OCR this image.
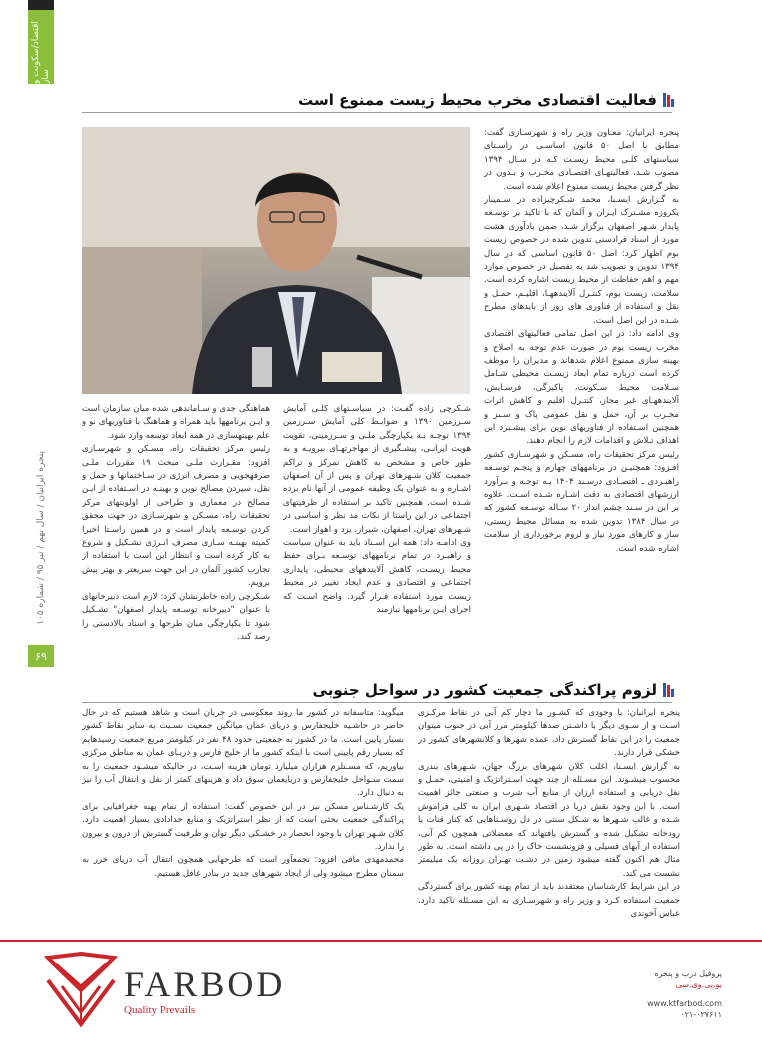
اقتصاد/سکونت و ساز
پنجره ایرانیان / سال نهم / تیر ۹۵ / شماره ۱۰۵
۶۹
فعالیت اقتصادی مخرب محیط زیست ممنوع است

پنجره ایرانیان: معـاون وزیر راه و شهرسـازی گفت: مطابق با اصل ۵۰ قانون اساسـی در راسـتای سیاستهای کلـی محیط زیسـت کـه در سـال ۱۳۹۴ مصوب شـد، فعالیتهـای اقتصـادی مخـرب و بـدون در نظر گرفتن محیط زیست ممنوع اعلام شده است.

به گـزارش ایسـنا، محمد شـکرچیزاده در سـمینار یکروزه مشـترک ایـران و آلمان که با تاکید بر توسـعه پایدار شـهر اصفهان برگزار شـد، ضمن یادآوری هشت مورد از اسناد فرادستی تدوین شده در خصوص زیست بوم اظهار کرد: اصل ۵۰ قانون اساسی که در سال ۱۳۹۴ تدوین و تصویب شد به تفصیل در خصوص موارد مهم و اهم حفاظت از محیط زیست اشاره کرده است. سلامت، زیست بوم، کنتـرل آلایندههـا، اقلیـم، حمـل و نقل و استفاده از فناوری های روز از بایدهای مطرح شـده در این اصل است.

وی ادامه داد: در این اصل تمامی فعالیتهای اقتصادی مخرب زیست بوم در صورت عدم توجه به اصلاح و بهینه سازی ممنوع اعلام شدهاند و مدیران را موظف کرده است درباره تمام ابعاد زیسـت محیطی شـامل سـلامت محیط سـکونت، پاکیزگی، فرسـایش، آلایندههـای غیر مجاز، کنتـرل اقلیم و کاهش اثرات مخـرب بر آن، حمل و نقل عمومی پاک و سـبز و همچنین اسـتفاده از فناوریهای نوین برای پیشـبرد این اهداف تـلاش و اقدامات لازم را انجام دهند.

رئیس مرکز تحقیقات راه، مسـکن و شهرسـازی کشور افـزود: همچنیـن در برنامههای چهارم و پنجـم توسـعه راهبـردی ـ اقتصـادی درسـند ۱۴۰۴ بـه توجـه و بـرآورد ارزشهای اقتصادی به دقت اشـاره شـده اسـت. علاوه بر این در سـند چشم انداز ۲۰ سـاله توسـعه کشور که در سال ۱۳۸۴ تدوین شده به مسائل محیط زیستی، ساز و کارهای مورد نیاز و لزوم برخورداری از سلامت اشاره شده است.

شـکرچی زاده گفـت: در سیاسـتهای کلـی آمایش سـرزمین ۱۳۹۰ و ضوابـط کلی آمایش سـرزمین ۱۳۹۴ توجـه بـه یکپارچگی ملـی و سـرزمینی، تقویت هویت ایرانـی، پیشـگیری از مهاجرتهـای بیرویـه و به طور خاص و مشخص به کاهش تمرکز و تراکم جمعیت کلان شـهرهای تهران و پس از آن اصفهان اشـاره و به عنوان یک وظیفه عمومی از آنها نام برده شـده است. همچنین تاکید بر استفاده از ظرفیتهای اجتماعی در این راستا از نکات مد نظر و اساسی در شـهرهای تهران، اصفهان، شیراز، یزد و اهواز است.

وی ادامـه داد: همه این اسـناد باید به عنوان سیاست و راهبـرد در تمام برنامههای توسـعه بـرای حفظ محیط زیسـت، کاهش آلایندههای محیطی، پایداری اجتماعی و اقتصادی و عدم ایجاد تغییر در محیط زیست مورد استفاده قـرار گیرد. واضح اسـت که اجرای ایـن برنامهها نیازمند

هماهنگی جدی و سـاماندهی شده میان سازمان است و ایـن برنامهها باید همراه و هماهنگ با فناوریهای نو و علم بهینهسازی در همه ابعاد توسعه وارد شود.

رئیس مرکز تحقیقات راه، مسـکن و شهرسـازی افزود: مقـرارت ملـی مبحث ۱۹ مقررات ملـی صرفهجویی و مصرف انرژی در سـاختمانها و حمل و نقل، سپردن مصالح نوین و بهینـه در اسـتفاده از ایـن مصالح در معماری و طراحی از اولویتهای مرکز تحقیقات راه، مسـکن و شهرسـازی در جهت محقق کردن توسـعه پایدار است و در همین راسـتا اخیرا کمیته بهینـه سـازی مصرف انـرژی تشـکیل و شروع به کار کرده است و انتظار این است با استفاده از تجارب کشور آلمان در این جهت سریعتر و بهتر پیش برویم.

شـکرچی زاده خاطرنشان کرد: لازم است دبیرخانهای با عنوان "دبیرخانه توسـعه پایدار اصفهان" تشـکیل شود تا یکپارچگی میان طرحها و اسناد بالادستی را رصد کند.

لزوم پراکندگی جمعیت کشور در سواحل جنوبی

پنجره ایرانیان: با وجودی که کشـور ما دچار کم آبی در نقاط مرکـزی اسـت و از سـوی دیگر با داشـتن صدها کیلومتر مرز آبی در جنوب میتوان جمعیت را در این نقاط گسترش داد، عمده شهرها و کلانشهرهای کشور در خشکی قرار دارند.

به گزارش ایسـنا، اغلب کلان شهرهای بزرگ جهان، شـهرهای بندری محسوب میشـوند. این مسـئله از چند جهت اسـتراتژیک و امنیتی، حمـل و نقل دریایی و استفاده ارزان از منابع آب شرب و صنعتی حائز اهمیت است. با این وجود نقش دریا در اقتصاد شـهری ایران به کلی فراموش شـده و غالب شـهرها به شـکل سنتی در دل روسـتاهایی که کنار قنات یا رودخانه تشکیل شده و گسترش یافتهاند که معضلاتی همچون کم آبی، استفاده از آبهای فسیلی و فرونشست خاک را در پی داشته است. به طور مثال هم اکنون گفته میشود زمین در دشـت تهـران روزانه یک میلیمتر نشست می کند.

در این شرایط کارشناسان معتقدند باید از تمام پهنه کشور برای گستردگی جمعیت استفاده کـرد و وزیر راه و شهرسـازی به این مسـئله تاکید دارد. عباس آخوندی

میگوید: متاسفانه در کشور ما روند معکوسی در جریان است و شاهد هستیم که در حال حاضر در حاشـیه خلیجفارس و دریای عمان میانگین جمعیت نسـبت به سایر نقاط کشور بسیار پایین است. ما در کشور به جمعیتی حدود ۴۸ نفر در کیلومتر مربع جمعیت رسیدهایم که بسیار رقم پایینی است با اینکه کشور ما از خلیج فارس و دریـای عمان به مناطق مرکزی بیاوریم، که مسـتلزم هزاران میلیارد تومان هزینه اسـت، در حالیکه میشـود جمعیت را به سمت سـواحل خلیجفارس و دریایعمان سوق داد و هزینهای کمتر از نقل و انتقال آب را نیز به دنبال دارد.

یک کارشـناس مسکن نیز در این خصوص گفت: استفاده از تمام پهنه جغرافیایی برای پراکندگی جمعیت بحثی است که از نظر استراتژیک و منابع خدادادی بسیار اهمیت دارد. کلان شـهر تهران با وجود انحصار در خشـکی دیگر توان و ظرفیت گسترش از درون و بیرون را ندارد.

محمدمهدی مافی افزود: تجمعآور است که طرحهایی همچون انتقال آب دریای خزر به سمنان مطرح میشود ولی از ایجاد شهرهای جدید در بنادر غافل هستیم.

FARBOD
Quality Prevails
پروفیل درب و پنجره
یو.پی.وی.سی
www.ktfarbod.com
۰۲۱-۰۲۷۶۱۱
